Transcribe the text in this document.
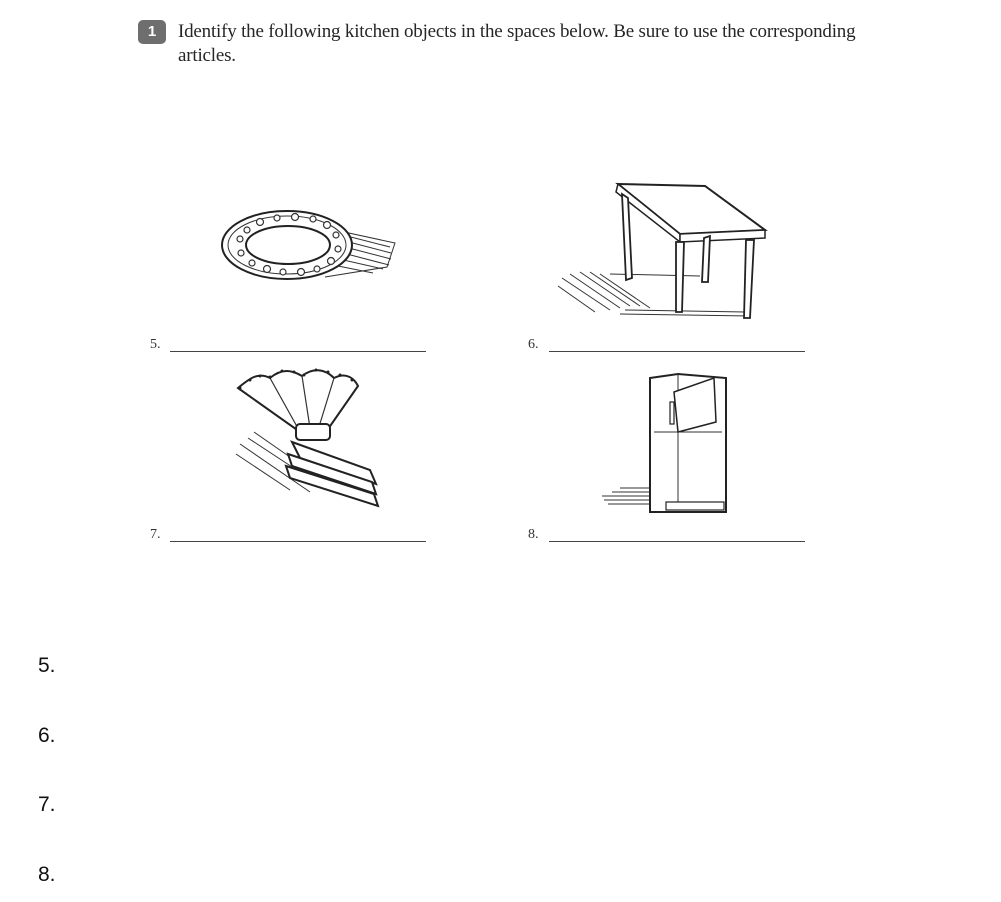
1	Identify the following kitchen objects in the spaces below. Be sure to use the corresponding articles.
5.	6.
7.	8.
5.
6.
7.
8.
